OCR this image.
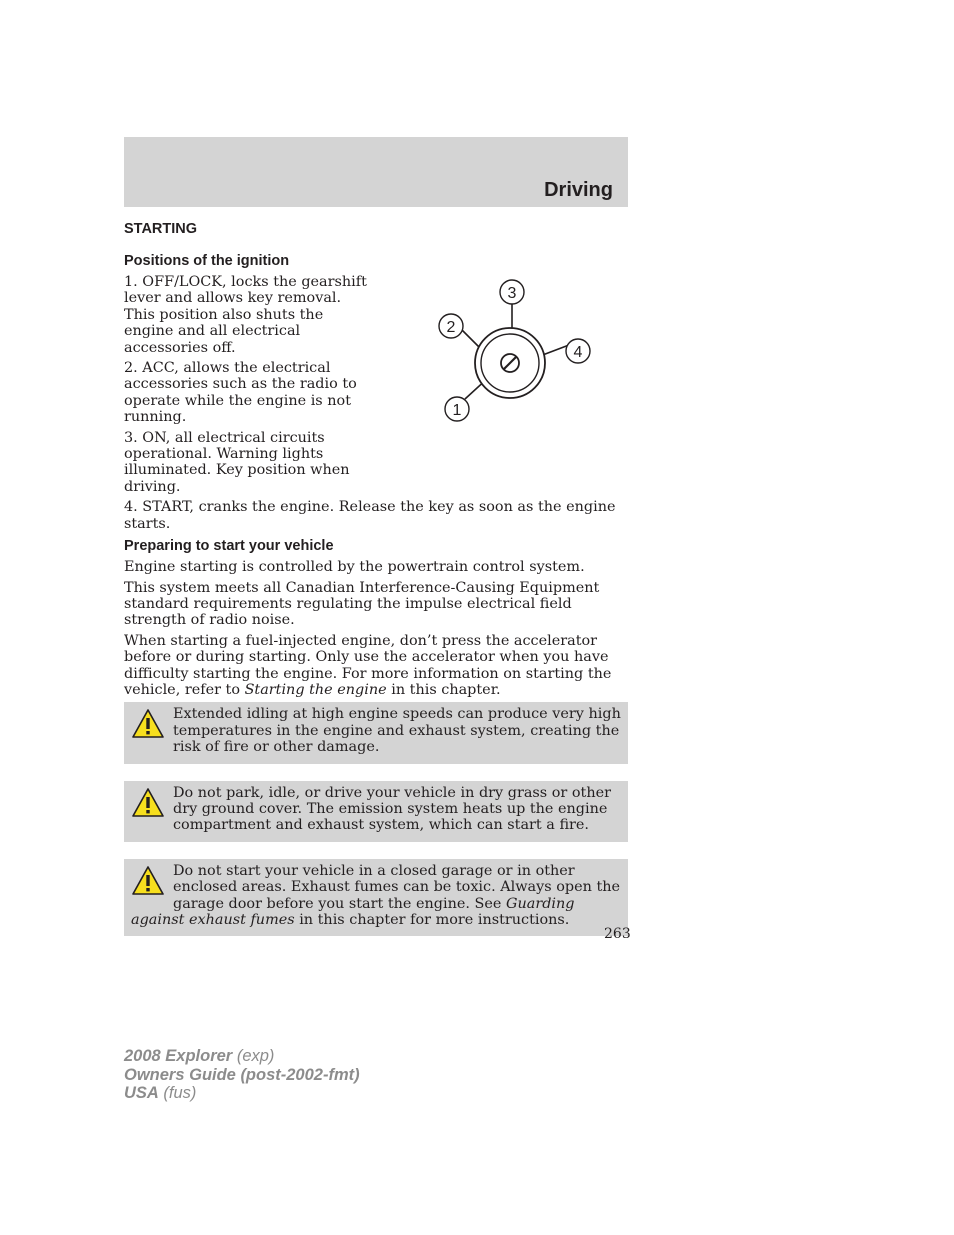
Driving
STARTING
Positions of the ignition
3
2
4
1

1. OFF/LOCK, locks the gearshift lever and allows key removal. This position also shuts the engine and all electrical accessories off.

2. ACC, allows the electrical accessories such as the radio to operate while the engine is not running.

3. ON, all electrical circuits operational. Warning lights illuminated. Key position when driving.

4. START, cranks the engine. Release the key as soon as the engine starts.

Preparing to start your vehicle

Engine starting is controlled by the powertrain control system.

This system meets all Canadian Interference-Causing Equipment standard requirements regulating the impulse electrical field strength of radio noise.

When starting a fuel-injected engine, don’t press the accelerator before or during starting. Only use the accelerator when you have difficulty starting the engine. For more information on starting the vehicle, refer to Starting the engine in this chapter.

Extended idling at high engine speeds can produce very high temperatures in the engine and exhaust system, creating the risk of fire or other damage.
Do not park, idle, or drive your vehicle in dry grass or other dry ground cover. The emission system heats up the engine compartment and exhaust system, which can start a fire.
Do not start your vehicle in a closed garage or in other enclosed areas. Exhaust fumes can be toxic. Always open the garage door before you start the engine. See Guarding against exhaust fumes in this chapter for more instructions.
263
2008 Explorer (exp)
Owners Guide (post-2002-fmt)
USA (fus)
